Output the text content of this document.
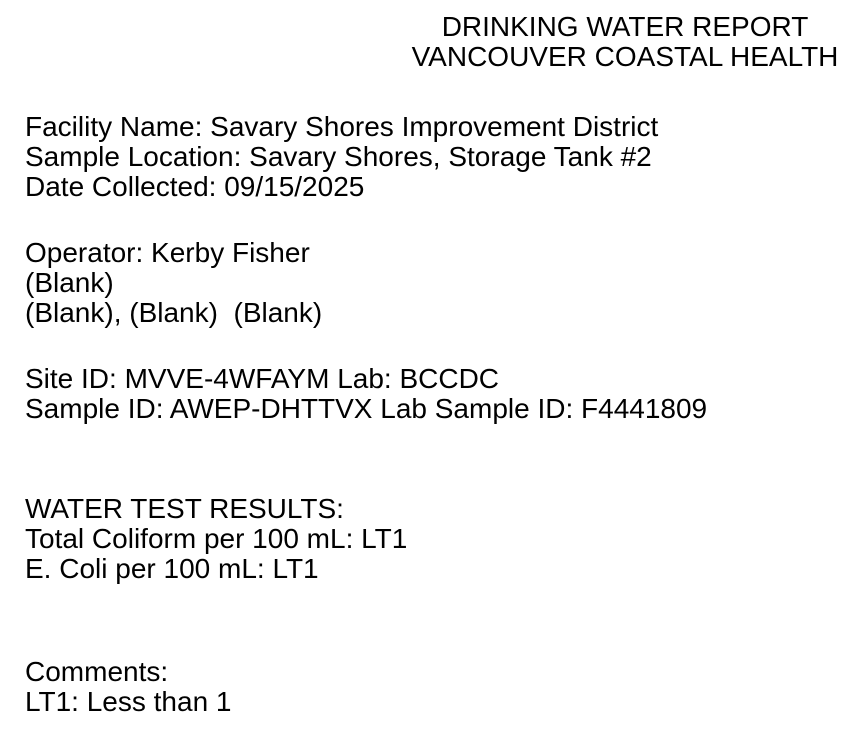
DRINKING WATER REPORT
VANCOUVER COASTAL HEALTH
Facility Name: Savary Shores Improvement District
Sample Location: Savary Shores, Storage Tank #2
Date Collected: 09/15/2025
Operator: Kerby Fisher
(Blank)
(Blank), (Blank)  (Blank)
Site ID: MVVE-4WFAYM Lab: BCCDC
Sample ID: AWEP-DHTTVX Lab Sample ID: F4441809
WATER TEST RESULTS:
Total Coliform per 100 mL: LT1
E. Coli per 100 mL: LT1
Comments:
LT1: Less than 1
